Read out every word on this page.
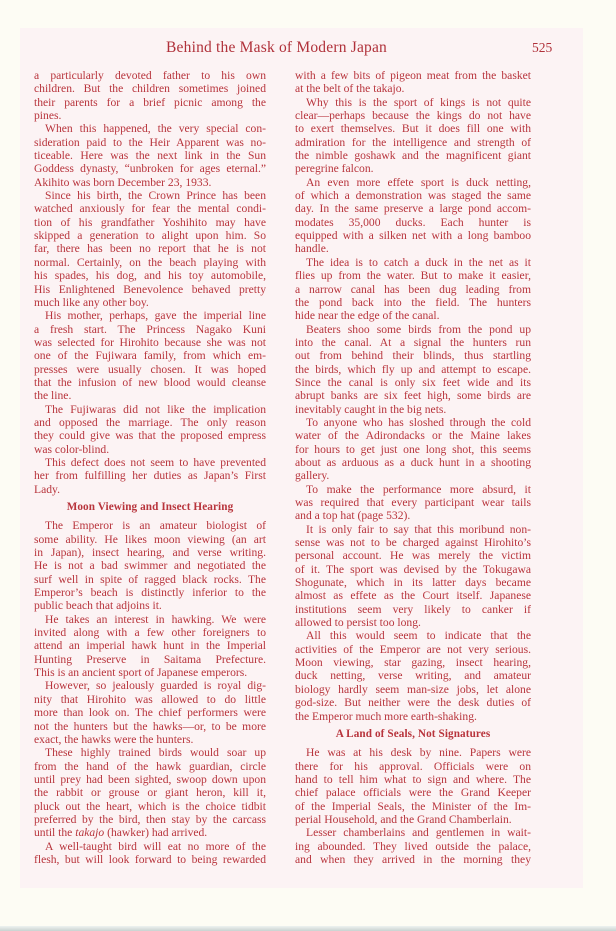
Behind the Mask of Modern Japan	525
a particularly devoted father to his own
children. But the children sometimes joined
their parents for a brief picnic among the
pines.
When this happened, the very special con-
sideration paid to the Heir Apparent was no-
ticeable. Here was the next link in the Sun
Goddess dynasty, “unbroken for ages eternal.”
Akihito was born December 23, 1933.
Since his birth, the Crown Prince has been
watched anxiously for fear the mental condi-
tion of his grandfather Yoshihito may have
skipped a generation to alight upon him. So
far, there has been no report that he is not
normal. Certainly, on the beach playing with
his spades, his dog, and his toy automobile,
His Enlightened Benevolence behaved pretty
much like any other boy.
His mother, perhaps, gave the imperial line
a fresh start. The Princess Nagako Kuni
was selected for Hirohito because she was not
one of the Fujiwara family, from which em-
presses were usually chosen. It was hoped
that the infusion of new blood would cleanse
the line.
The Fujiwaras did not like the implication
and opposed the marriage. The only reason
they could give was that the proposed empress
was color-blind.
This defect does not seem to have prevented
her from fulfilling her duties as Japan’s First
Lady.
Moon Viewing and Insect Hearing
The Emperor is an amateur biologist of
some ability. He likes moon viewing (an art
in Japan), insect hearing, and verse writing.
He is not a bad swimmer and negotiated the
surf well in spite of ragged black rocks. The
Emperor’s beach is distinctly inferior to the
public beach that adjoins it.
He takes an interest in hawking. We were
invited along with a few other foreigners to
attend an imperial hawk hunt in the Imperial
Hunting Preserve in Saitama Prefecture.
This is an ancient sport of Japanese emperors.
However, so jealously guarded is royal dig-
nity that Hirohito was allowed to do little
more than look on. The chief performers were
not the hunters but the hawks—or, to be more
exact, the hawks were the hunters.
These highly trained birds would soar up
from the hand of the hawk guardian, circle
until prey had been sighted, swoop down upon
the rabbit or grouse or giant heron, kill it,
pluck out the heart, which is the choice tidbit
preferred by the bird, then stay by the carcass
until the takajo (hawker) had arrived.
A well-taught bird will eat no more of the
flesh, but will look forward to being rewarded
with a few bits of pigeon meat from the basket
at the belt of the takajo.
Why this is the sport of kings is not quite
clear—perhaps because the kings do not have
to exert themselves. But it does fill one with
admiration for the intelligence and strength of
the nimble goshawk and the magnificent giant
peregrine falcon.
An even more effete sport is duck netting,
of which a demonstration was staged the same
day. In the same preserve a large pond accom-
modates 35,000 ducks. Each hunter is
equipped with a silken net with a long bamboo
handle.
The idea is to catch a duck in the net as it
flies up from the water. But to make it easier,
a narrow canal has been dug leading from
the pond back into the field. The hunters
hide near the edge of the canal.
Beaters shoo some birds from the pond up
into the canal. At a signal the hunters run
out from behind their blinds, thus startling
the birds, which fly up and attempt to escape.
Since the canal is only six feet wide and its
abrupt banks are six feet high, some birds are
inevitably caught in the big nets.
To anyone who has sloshed through the cold
water of the Adirondacks or the Maine lakes
for hours to get just one long shot, this seems
about as arduous as a duck hunt in a shooting
gallery.
To make the performance more absurd, it
was required that every participant wear tails
and a top hat (page 532).
It is only fair to say that this moribund non-
sense was not to be charged against Hirohito’s
personal account. He was merely the victim
of it. The sport was devised by the Tokugawa
Shogunate, which in its latter days became
almost as effete as the Court itself. Japanese
institutions seem very likely to canker if
allowed to persist too long.
All this would seem to indicate that the
activities of the Emperor are not very serious.
Moon viewing, star gazing, insect hearing,
duck netting, verse writing, and amateur
biology hardly seem man-size jobs, let alone
god-size. But neither were the desk duties of
the Emperor much more earth-shaking.
A Land of Seals, Not Signatures
He was at his desk by nine. Papers were
there for his approval. Officials were on
hand to tell him what to sign and where. The
chief palace officials were the Grand Keeper
of the Imperial Seals, the Minister of the Im-
perial Household, and the Grand Chamberlain.
Lesser chamberlains and gentlemen in wait-
ing abounded. They lived outside the palace,
and when they arrived in the morning they
